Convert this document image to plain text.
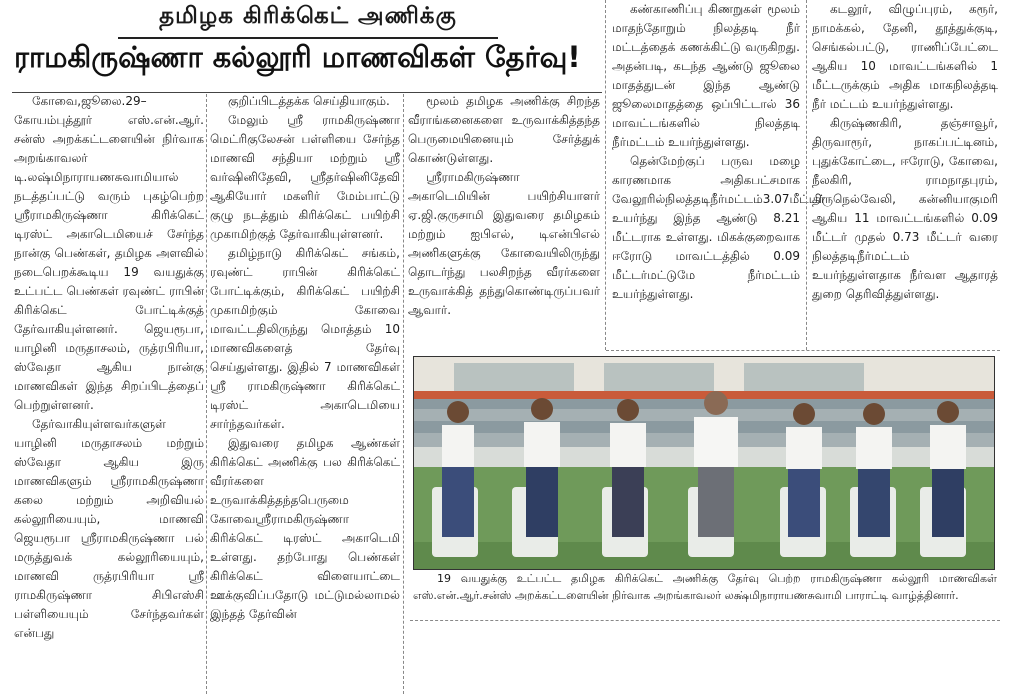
தமிழக கிரிக்கெட் அணிக்கு
ராமகிருஷ்ணா கல்லூரி மாணவிகள் தேர்வு!

கோவை,ஜூலை.29– கோயம்புத்தூர் எஸ்.என்.ஆர். சன்ஸ் அறக்கட்டளையின் நிர்வாக அறங்காவலர் டி.லஷ்மிநாராயணசுவாமியால் நடத்தப்பட்டு வரும் புகழ்பெற்ற ஸ்ரீராமகிருஷ்ணா கிரிக்கெட் டிரஸ்ட் அகாடெமியைச் சேர்ந்த நான்கு பெண்கள், தமிழக அளவில் நடைபெறக்கூடிய 19 வயதுக்கு உட்பட்ட பெண்கள் ரவுண்ட் ராபின் கிரிக்கெட் போட்டிக்குத் தேர்வாகியுள்ளனர். ஜெயரூபா, யாழினி மருதாசலம், ருத்ரபிரியா, ஸ்வேதா ஆகிய நான்கு மாணவிகள் இந்த சிறப்பிடத்தைப் பெற்றுள்ளனர்.

தேர்வாகியுள்ளவர்களுள் யாழினி மருதாசலம் மற்றும் ஸ்வேதா ஆகிய இரு மாணவிகளும் ஸ்ரீராமகிருஷ்ணா கலை மற்றும் அறிவியல் கல்லூரியையும், மாணவி ஜெயரூபா ஸ்ரீராமகிருஷ்ணா பல் மருத்துவக் கல்லூரியையும், மாணவி ருத்ரபிரியா ஸ்ரீ ராமகிருஷ்ணா சிபிஎஸ்சி பள்ளியையும் சேர்ந்தவர்கள் என்பது

குறிப்பிடத்தக்க செய்தியாகும்.

மேலும் ஸ்ரீ ராமகிருஷ்ணா மெட்ரிகுலேசன் பள்ளியை சேர்ந்த மாணவி சந்தியா மற்றும் ஸ்ரீ வர்ஷினிதேவி, ஸ்ரீதர்ஷினிதேவி ஆகியோர் மகளிர் மேம்பாட்டு குழு நடத்தும் கிரிக்கெட் பயிற்சி முகாமிற்குத் தேர்வாகியுள்ளனர்.

தமிழ்நாடு கிரிக்கெட் சங்கம், ரவுண்ட் ராபின் கிரிக்கெட் போட்டிக்கும், கிரிக்கெட் பயிற்சி முகாமிற்கும் கோவை மாவட்டதிலிருந்து மொத்தம் 10 மாணவிகளைத் தேர்வு செய்துள்ளது. இதில் 7 மாணவிகள் ஸ்ரீ ராமகிருஷ்ணா கிரிக்கெட் டிரஸ்ட் அகாடெமியை சார்ந்தவர்கள்.

இதுவரை தமிழக ஆண்கள் கிரிக்கெட் அணிக்கு பல கிரிக்கெட் வீரர்களை உருவாக்கித்தந்தபெருமை கோவைஸ்ரீராமகிருஷ்ணா கிரிக்கெட் டிரஸ்ட் அகாடெமி உள்ளது. தற்போது பெண்கள் கிரிக்கெட் விளையாட்டை ஊக்குவிப்பதோடு மட்டுமல்லாமல் இந்தத் தேர்வின்

மூலம் தமிழக அணிக்கு சிறந்த வீராங்கனைகளை உருவாக்கித்தந்த பெருமையினையும் சேர்த்துக் கொண்டுள்ளது.

ஸ்ரீராமகிருஷ்ணா அகாடெமியின் பயிற்சியாளர் ஏ.ஜி.குருசாமி இதுவரை தமிழகம் மற்றும் ஐபிஎல், டிஎன்பிஎல் அணிகளுக்கு கோவையிலிருந்து தொடர்ந்து பலசிறந்த வீரர்களை உருவாக்கித் தந்துகொண்டிருப்பவர் ஆவார்.

கண்காணிப்பு கிணறுகள் மூலம் மாதந்தோறும் நிலத்தடி நீர் மட்டத்தைக் கணக்கிட்டு வருகிறது. அதன்படி, கடந்த ஆண்டு ஜூலை மாதத்துடன் இந்த ஆண்டு ஜூலைமாதத்தை ஒப்பிட்டால் 36 மாவட்டங்களில் நிலத்தடி நீர்மட்டம் உயர்ந்துள்ளது.

தென்மேற்குப் பருவ மழை காரணமாக அதிகபட்சமாக வேலூரில்நிலத்தடிநீர்மட்டம்3.07மீட்டர் உயர்ந்து இந்த ஆண்டு 8.21 மீட்டராக உள்ளது. மிகக்குறைவாக ஈரோடு மாவட்டத்தில் 0.09 மீட்டர்மட்டுமே நீர்மட்டம் உயர்ந்துள்ளது.

கடலூர், விழுப்புரம், கரூர், நாமக்கல், தேனி, தூத்துக்குடி, செங்கல்பட்டு, ராணிப்பேட்டை ஆகிய 10 மாவட்டங்களில் 1 மீட்டருக்கும் அதிக மாகநிலத்தடி நீர் மட்டம் உயர்ந்துள்ளது.

கிருஷ்ணகிரி, தஞ்சாவூர், திருவாரூர், நாகப்பட்டினம், புதுக்கோட்டை, ஈரோடு, கோவை, நீலகிரி, ராமநாதபுரம், திருநெல்வேலி, கன்னியாகுமரி ஆகிய 11 மாவட்டங்களில் 0.09 மீட்டர் முதல் 0.73 மீட்டர் வரை நிலத்தடிநீர்மட்டம் உயர்ந்துள்ளதாக நீர்வள ஆதாரத் துறை தெரிவித்துள்ளது.

19 வயதுக்கு உட்பட்ட தமிழக கிரிக்கெட் அணிக்கு தேர்வு பெற்ற ராமகிருஷ்ணா கல்லூரி மாணவிகள் எஸ்.என்.ஆர்.சன்ஸ் அறக்கட்டளையின் நிர்வாக அறங்காவலர் லக்ஷ்மிநாராயணசுவாமி பாராட்டி வாழ்த்தினார்.
